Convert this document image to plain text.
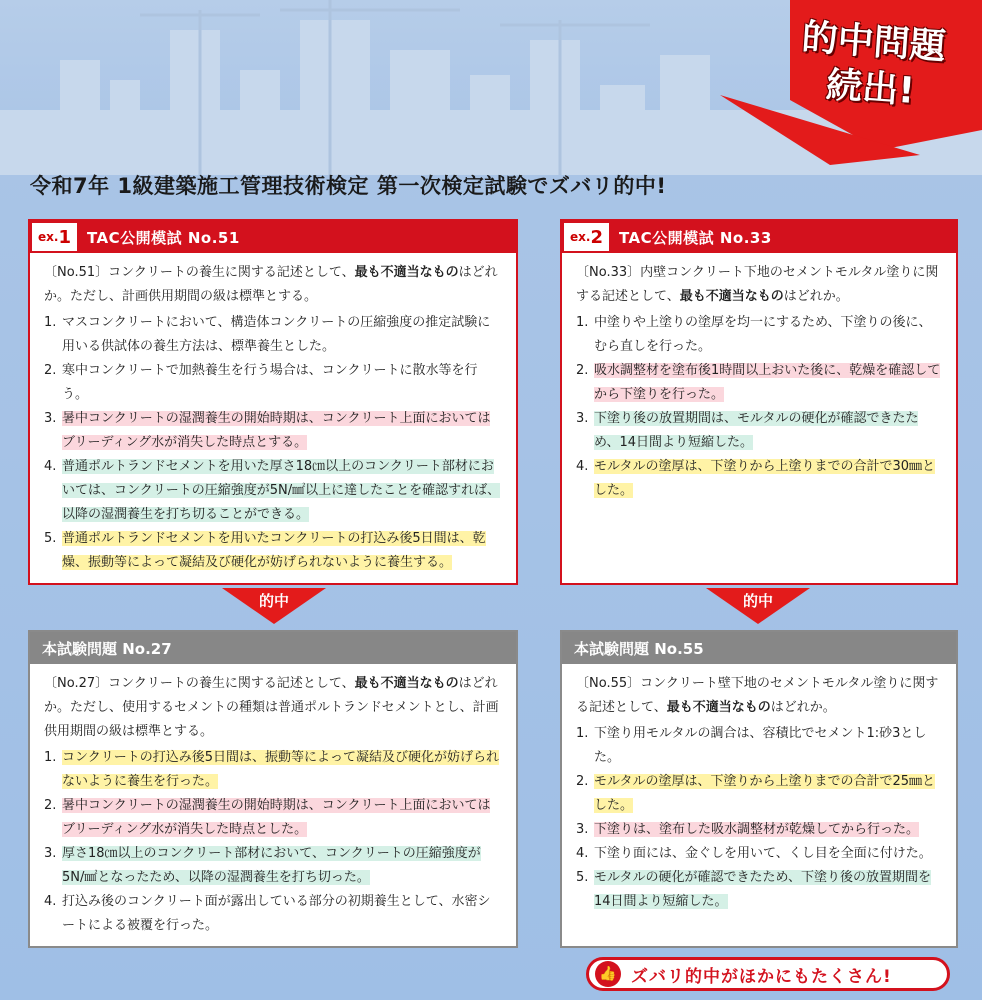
的中問題
続出!
令和7年 1級建築施工管理技術検定 第一次検定試験でズバリ的中!
ex. 1 TAC公開模試 No.51
〔No.51〕コンクリートの養生に関する記述として、最も不適当なものはどれか。ただし、計画供用期間の級は標準とする。
1. マスコンクリートにおいて、構造体コンクリートの圧縮強度の推定試験に用いる供試体の養生方法は、標準養生とした。
2. 寒中コンクリートで加熱養生を行う場合は、コンクリートに散水等を行う。
3. 暑中コンクリートの湿潤養生の開始時期は、コンクリート上面においてはブリーディング水が消失した時点とする。
4. 普通ポルトランドセメントを用いた厚さ18㎝以上のコンクリート部材においては、コンクリートの圧縮強度が5N/㎟以上に達したことを確認すれば、以降の湿潤養生を打ち切ることができる。
5. 普通ポルトランドセメントを用いたコンクリートの打込み後5日間は、乾燥、振動等によって凝結及び硬化が妨げられないように養生する。
ex. 2 TAC公開模試 No.33
〔No.33〕内壁コンクリート下地のセメントモルタル塗りに関する記述として、最も不適当なものはどれか。
1. 中塗りや上塗りの塗厚を均一にするため、下塗りの後に、むら直しを行った。
2. 吸水調整材を塗布後1時間以上おいた後に、乾燥を確認してから下塗りを行った。
3. 下塗り後の放置期間は、モルタルの硬化が確認できたため、14日間より短縮した。
4. モルタルの塗厚は、下塗りから上塗りまでの合計で30㎜とした。
的中	的中
本試験問題 No.27
〔No.27〕コンクリートの養生に関する記述として、最も不適当なものはどれか。ただし、使用するセメントの種類は普通ポルトランドセメントとし、計画供用期間の級は標準とする。
1. コンクリートの打込み後5日間は、振動等によって凝結及び硬化が妨げられないように養生を行った。
2. 暑中コンクリートの湿潤養生の開始時期は、コンクリート上面においてはブリーディング水が消失した時点とした。
3. 厚さ18㎝以上のコンクリート部材において、コンクリートの圧縮強度が5N/㎟となったため、以降の湿潤養生を打ち切った。
4. 打込み後のコンクリート面が露出している部分の初期養生として、水密シートによる被覆を行った。
本試験問題 No.55
〔No.55〕コンクリート壁下地のセメントモルタル塗りに関する記述として、最も不適当なものはどれか。
1. 下塗り用モルタルの調合は、容積比でセメント1:砂3とした。
2. モルタルの塗厚は、下塗りから上塗りまでの合計で25㎜とした。
3. 下塗りは、塗布した吸水調整材が乾燥してから行った。
4. 下塗り面には、金ぐしを用いて、くし目を全面に付けた。
5. モルタルの硬化が確認できたため、下塗り後の放置期間を14日間より短縮した。
👍 ズバリ的中がほかにもたくさん!
